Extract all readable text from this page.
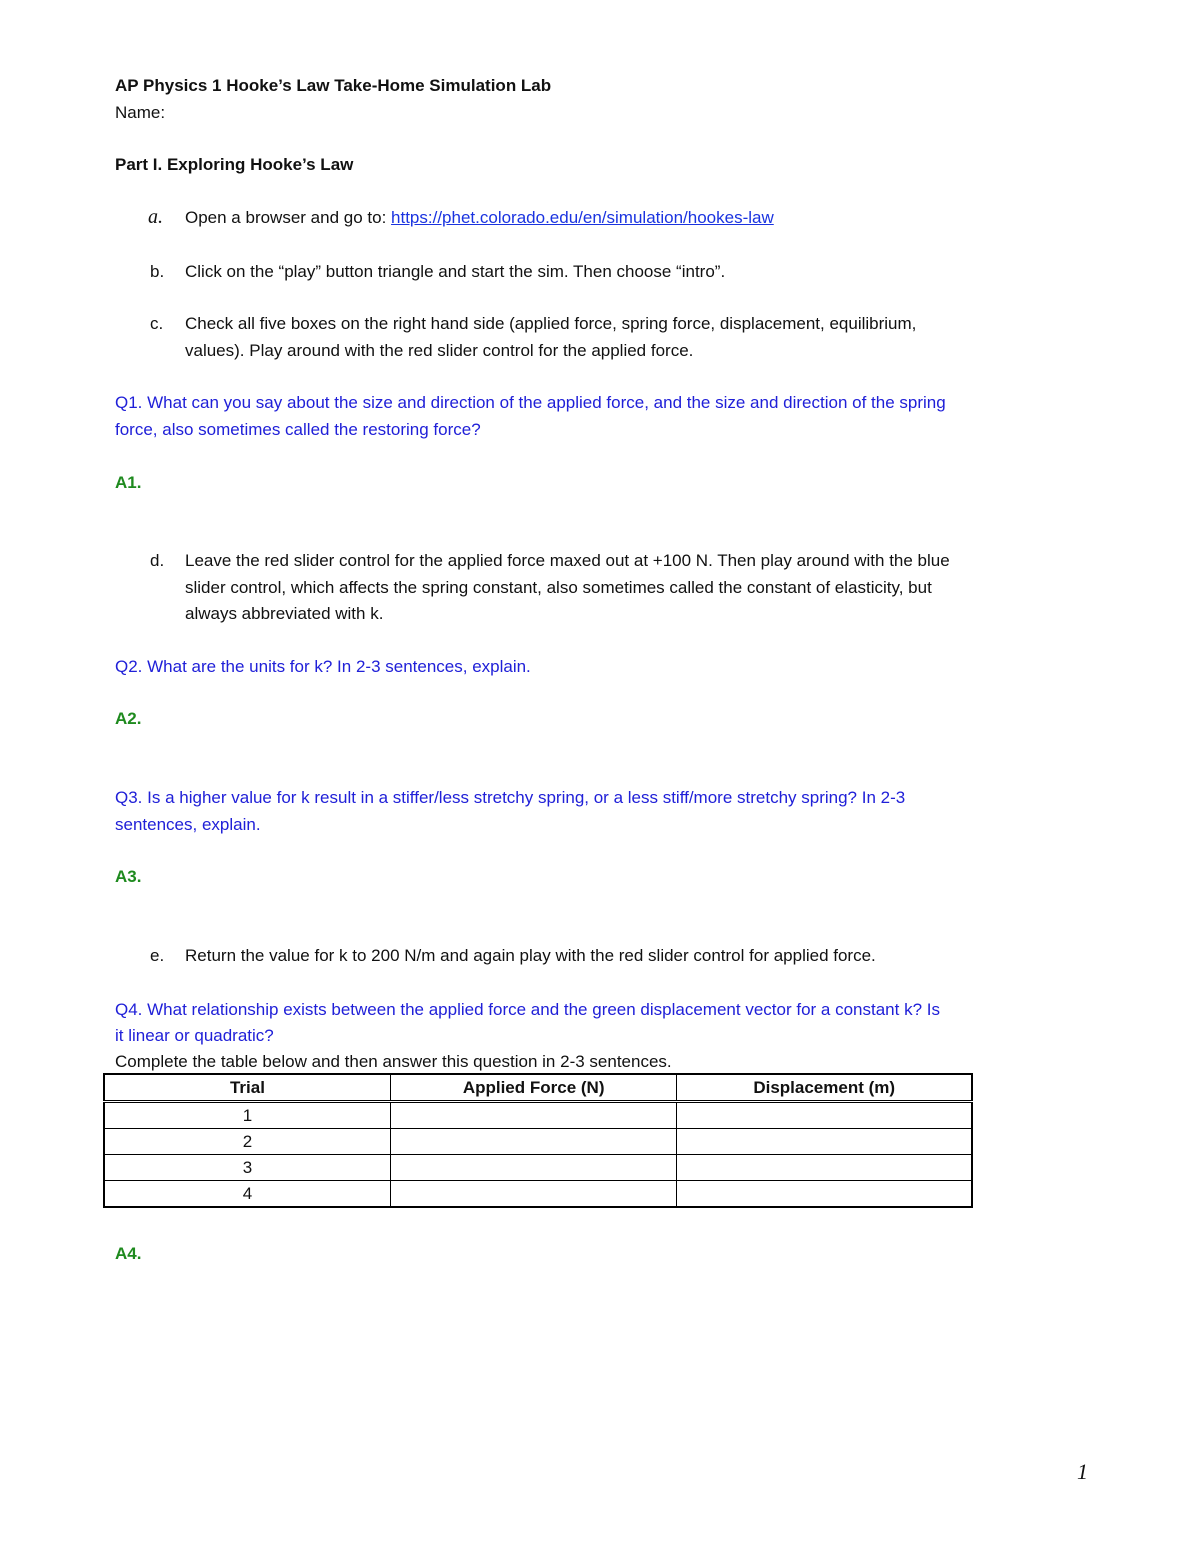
AP Physics 1 Hooke’s Law Take-Home Simulation Lab
Name:
Part I. Exploring Hooke’s Law
a.	Open a browser and go to: https://phet.colorado.edu/en/simulation/hookes-law
b.	Click on the “play” button triangle and start the sim. Then choose “intro”.
c.	Check all five boxes on the right hand side (applied force, spring force, displacement, equilibrium,
values). Play around with the red slider control for the applied force.
Q1. What can you say about the size and direction of the applied force, and the size and direction of the spring
force, also sometimes called the restoring force?
A1.
d.	Leave the red slider control for the applied force maxed out at +100 N. Then play around with the blue
slider control, which affects the spring constant, also sometimes called the constant of elasticity, but
always abbreviated with k.
Q2. What are the units for k? In 2-3 sentences, explain.
A2.
Q3. Is a higher value for k result in a stiffer/less stretchy spring, or a less stiff/more stretchy spring? In 2-3
sentences, explain.
A3.
e.	Return the value for k to 200 N/m and again play with the red slider control for applied force.
Q4. What relationship exists between the applied force and the green displacement vector for a constant k? Is
it linear or quadratic?
Complete the table below and then answer this question in 2-3 sentences.
Trial	Applied Force (N)	Displacement (m)
1		
2		
3		
4		
A4.
1
